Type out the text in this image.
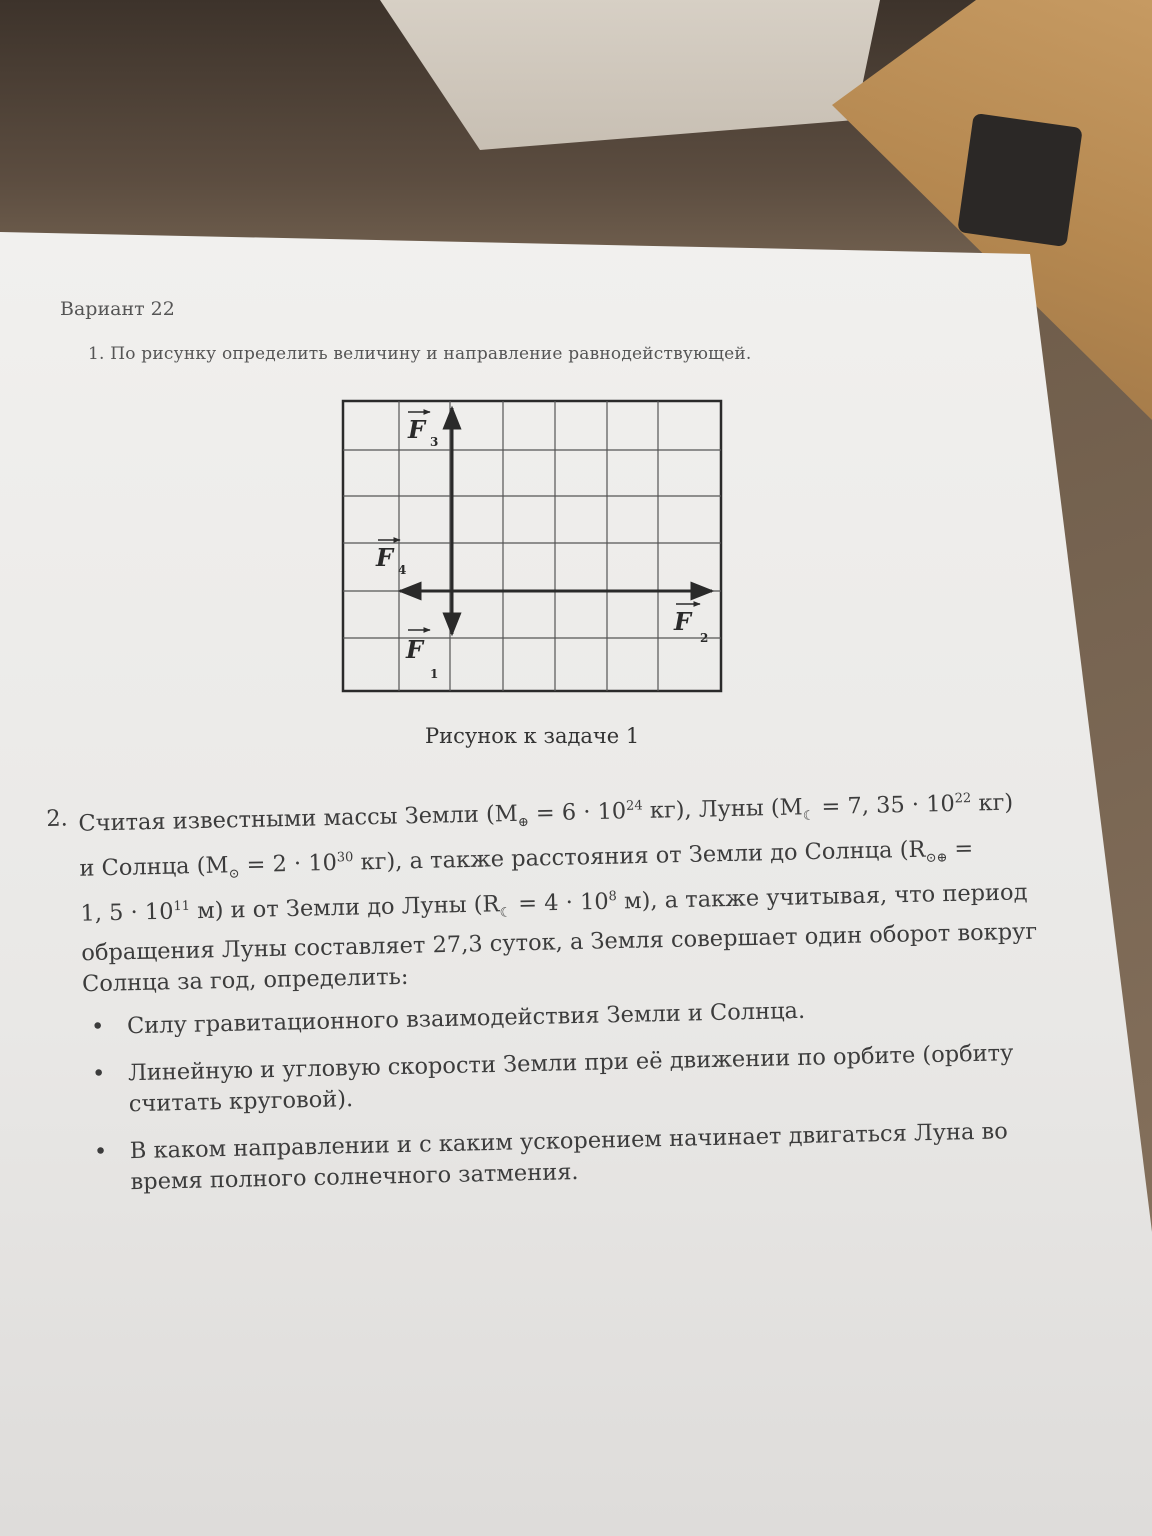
Вариант 22
1. По рисунку определить величину и направление равнодействующей.
F 3
F 4
F
1
F
2
Рисунок к задаче 1
2. Считая известными массы Земли ($M_\oplus = 6 \cdot 10^{24}$ кг), Луны ($M_☾ = 7$, $35 \cdot 10^{22}$ кг)
и Солнца ($M_⊙ = 2 \cdot 10^{30}$ кг), а также расстояния от Земли до Солнца ($R_{⊙\oplus}$ =
1, $5 \cdot 10^{11}$ м) и от Земли до Луны ($R_☾ = 4 \cdot 10^8$ м), а также учитывая, что период
обращения Луны составляет 27,3 суток, а Земля совершает один оборот вокруг
Солнца за год, определить:
• Силу гравитационного взаимодействия Земли и Солнца.
• Линейную и угловую скорости Земли при её движении по орбите (орбиту считать круговой).
• В каком направлении и с каким ускорением начинает двигаться Луна во время полного солнечного затмения.
